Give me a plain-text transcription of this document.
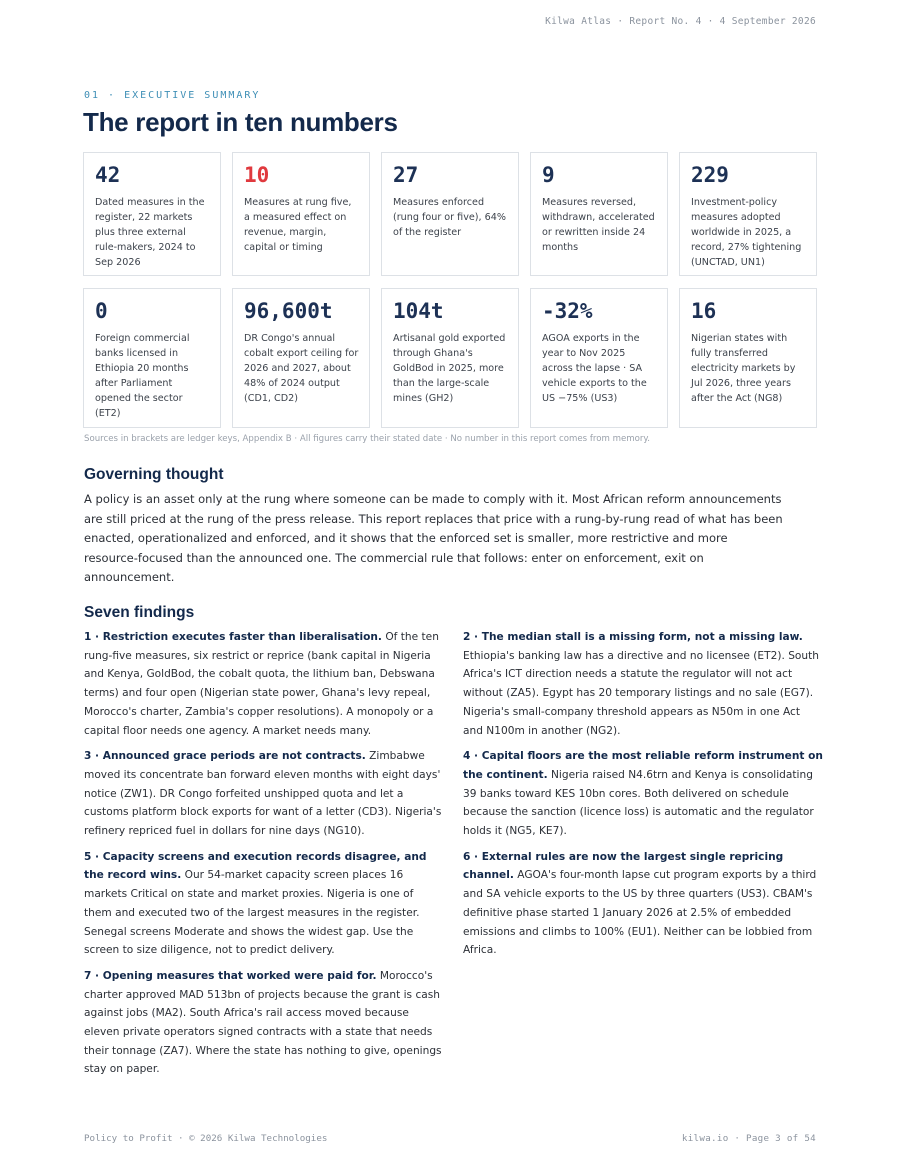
Kilwa Atlas · Report No. 4 · 4 September 2026
01 · EXECUTIVE SUMMARY
The report in ten numbers
42
Dated measures in the register, 22 markets plus three external rule-makers, 2024 to Sep 2026
10
Measures at rung five, a measured effect on revenue, margin, capital or timing
27
Measures enforced (rung four or five), 64% of the register
9
Measures reversed, withdrawn, accelerated or rewritten inside 24 months
229
Investment-policy measures adopted worldwide in 2025, a record, 27% tightening (UNCTAD, UN1)
0
Foreign commercial banks licensed in Ethiopia 20 months after Parliament opened the sector (ET2)
96,600t
DR Congo's annual cobalt export ceiling for 2026 and 2027, about 48% of 2024 output (CD1, CD2)
104t
Artisanal gold exported through Ghana's GoldBod in 2025, more than the large-scale mines (GH2)
-32%
AGOA exports in the year to Nov 2025 across the lapse · SA vehicle exports to the US −75% (US3)
16
Nigerian states with fully transferred electricity markets by Jul 2026, three years after the Act (NG8)
Sources in brackets are ledger keys, Appendix B · All figures carry their stated date · No number in this report comes from memory.
Governing thought

A policy is an asset only at the rung where someone can be made to comply with it. Most African reform announcements are still priced at the rung of the press release. This report replaces that price with a rung-by-rung read of what has been enacted, operationalized and enforced, and it shows that the enforced set is smaller, more restrictive and more resource-focused than the announced one. The commercial rule that follows: enter on enforcement, exit on announcement.

Seven findings

1 · Restriction executes faster than liberalisation. Of the ten rung-five measures, six restrict or reprice (bank capital in Nigeria and Kenya, GoldBod, the cobalt quota, the lithium ban, Debswana terms) and four open (Nigerian state power, Ghana's levy repeal, Morocco's charter, Zambia's copper resolutions). A monopoly or a capital floor needs one agency. A market needs many.

3 · Announced grace periods are not contracts. Zimbabwe moved its concentrate ban forward eleven months with eight days' notice (ZW1). DR Congo forfeited unshipped quota and let a customs platform block exports for want of a letter (CD3). Nigeria's refinery repriced fuel in dollars for nine days (NG10).

5 · Capacity screens and execution records disagree, and the record wins. Our 54-market capacity screen places 16 markets Critical on state and market proxies. Nigeria is one of them and executed two of the largest measures in the register. Senegal screens Moderate and shows the widest gap. Use the screen to size diligence, not to predict delivery.

7 · Opening measures that worked were paid for. Morocco's charter approved MAD 513bn of projects because the grant is cash against jobs (MA2). South Africa's rail access moved because eleven private operators signed contracts with a state that needs their tonnage (ZA7). Where the state has nothing to give, openings stay on paper.

2 · The median stall is a missing form, not a missing law. Ethiopia's banking law has a directive and no licensee (ET2). South Africa's ICT direction needs a statute the regulator will not act without (ZA5). Egypt has 20 temporary listings and no sale (EG7). Nigeria's small-company threshold appears as N50m in one Act and N100m in another (NG2).

4 · Capital floors are the most reliable reform instrument on the continent. Nigeria raised N4.6trn and Kenya is consolidating 39 banks toward KES 10bn cores. Both delivered on schedule because the sanction (licence loss) is automatic and the regulator holds it (NG5, KE7).

6 · External rules are now the largest single repricing channel. AGOA's four-month lapse cut program exports by a third and SA vehicle exports to the US by three quarters (US3). CBAM's definitive phase started 1 January 2026 at 2.5% of embedded emissions and climbs to 100% (EU1). Neither can be lobbied from Africa.

Policy to Profit · © 2026 Kilwa Technologies	kilwa.io · Page 3 of 54
